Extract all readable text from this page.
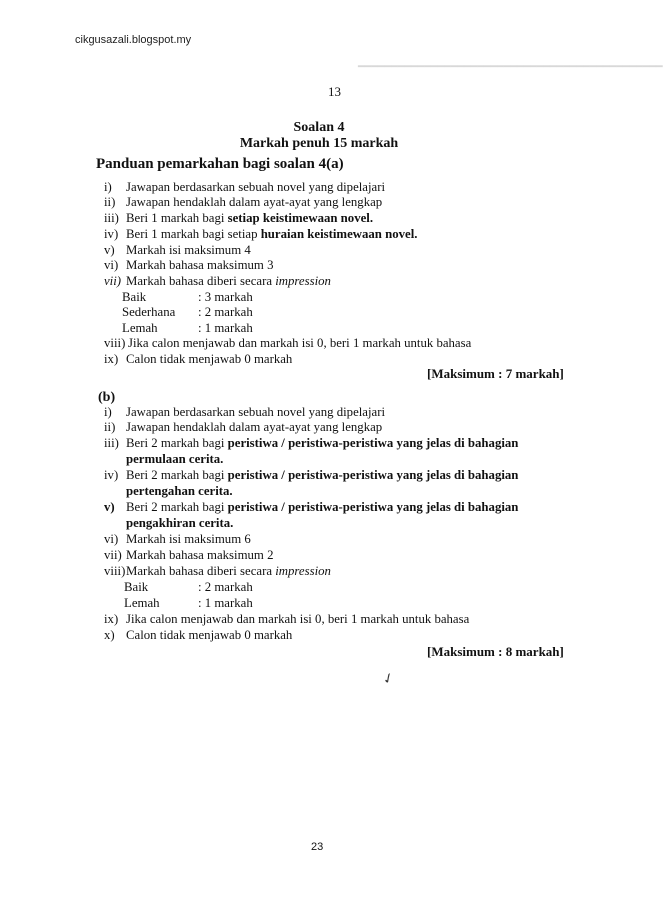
━━━━━━━━━━━━━━━━━━━━━━━━━━━━━━━━━━━━━━━━━━━━━━
cikgusazali.blogspot.my
13
Soalan 4
Markah penuh 15 markah
Panduan pemarkahan bagi soalan 4(a)
i) Jawapan berdasarkan sebuah novel yang dipelajari
ii) Jawapan hendaklah dalam ayat-ayat yang lengkap
iii) Beri 1 markah bagi setiap keistimewaan novel.
iv) Beri 1 markah bagi setiap huraian keistimewaan novel.
v) Markah isi maksimum 4
vi) Markah bahasa maksimum 3
vii) Markah bahasa diberi secara impression
Baik	: 3 markah
Sederhana : 2 markah
Lemah	: 1 markah
viii) Jika calon menjawab dan markah isi 0, beri 1 markah untuk bahasa
ix) Calon tidak menjawab 0 markah
[Maksimum : 7 markah]
(b)
i) Jawapan berdasarkan sebuah novel yang dipelajari
ii) Jawapan hendaklah dalam ayat-ayat yang lengkap
iii) Beri 2 markah bagi peristiwa / peristiwa-peristiwa yang jelas di bahagian
permulaan cerita.
iv) Beri 2 markah bagi peristiwa / peristiwa-peristiwa yang jelas di bahagian
pertengahan cerita.
v) Beri 2 markah bagi peristiwa / peristiwa-peristiwa yang jelas di bahagian
pengakhiran cerita.
vi) Markah isi maksimum 6
vii) Markah bahasa maksimum 2
viii)Markah bahasa diberi secara impression
Baik	: 2 markah
Lemah	: 1 markah
ix) Jika calon menjawab dan markah isi 0, beri 1 markah untuk bahasa
x) Calon tidak menjawab 0 markah
[Maksimum : 8 markah]
✓
23
